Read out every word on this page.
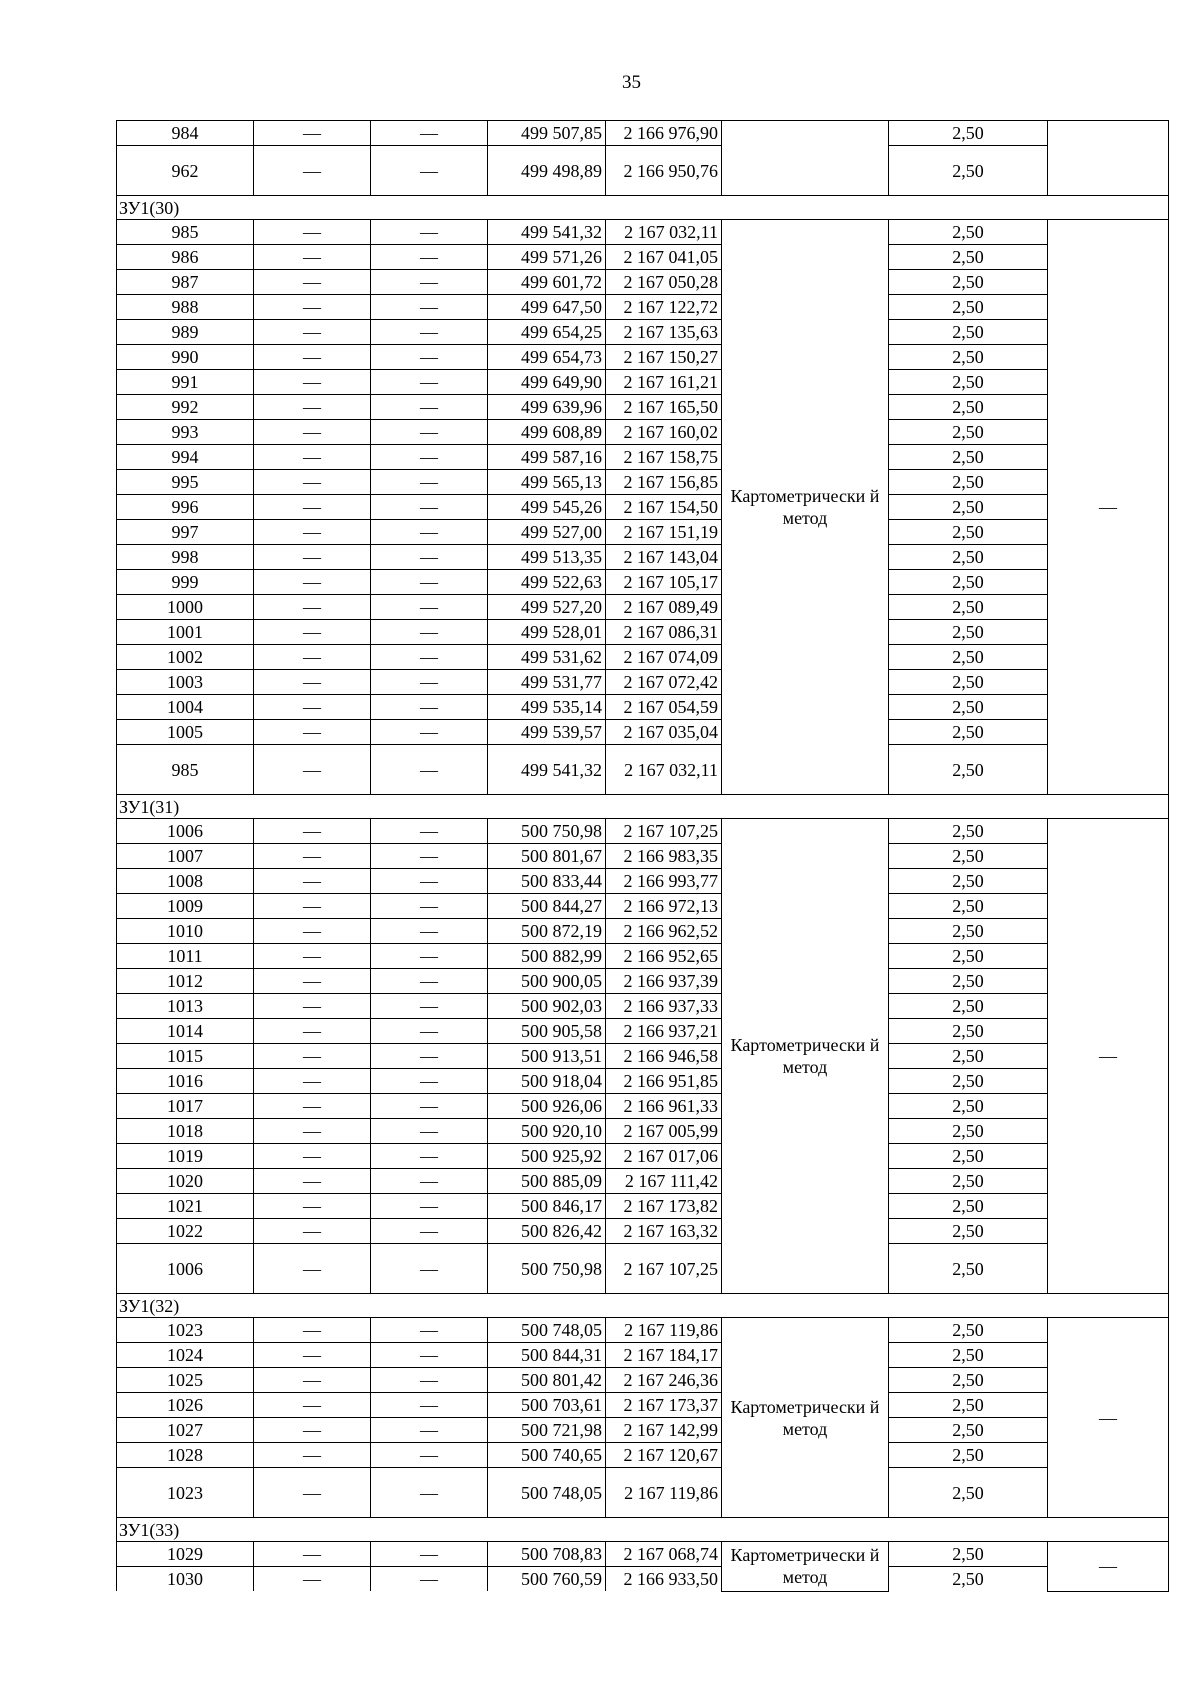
35
984	—	—	499 507,85	2 166 976,90		2,50	
962	—	—	499 498,89	2 166 950,76		2,50	
ЗУ1(30)							
985	—	—	499 541,32	2 167 032,11	Картометрически й метод	2,50	—
986	—	—	499 571,26	2 167 041,05		2,50	
987	—	—	499 601,72	2 167 050,28		2,50	
988	—	—	499 647,50	2 167 122,72		2,50	
989	—	—	499 654,25	2 167 135,63		2,50	
990	—	—	499 654,73	2 167 150,27		2,50	
991	—	—	499 649,90	2 167 161,21		2,50	
992	—	—	499 639,96	2 167 165,50		2,50	
993	—	—	499 608,89	2 167 160,02		2,50	
994	—	—	499 587,16	2 167 158,75		2,50	
995	—	—	499 565,13	2 167 156,85		2,50	
996	—	—	499 545,26	2 167 154,50		2,50	
997	—	—	499 527,00	2 167 151,19		2,50	
998	—	—	499 513,35	2 167 143,04		2,50	
999	—	—	499 522,63	2 167 105,17		2,50	
1000	—	—	499 527,20	2 167 089,49		2,50	
1001	—	—	499 528,01	2 167 086,31		2,50	
1002	—	—	499 531,62	2 167 074,09		2,50	
1003	—	—	499 531,77	2 167 072,42		2,50	
1004	—	—	499 535,14	2 167 054,59		2,50	
1005	—	—	499 539,57	2 167 035,04		2,50	
985	—	—	499 541,32	2 167 032,11		2,50	
ЗУ1(31)							
1006	—	—	500 750,98	2 167 107,25	Картометрически й метод	2,50	—
1007	—	—	500 801,67	2 166 983,35		2,50	
1008	—	—	500 833,44	2 166 993,77		2,50	
1009	—	—	500 844,27	2 166 972,13		2,50	
1010	—	—	500 872,19	2 166 962,52		2,50	
1011	—	—	500 882,99	2 166 952,65		2,50	
1012	—	—	500 900,05	2 166 937,39		2,50	
1013	—	—	500 902,03	2 166 937,33		2,50	
1014	—	—	500 905,58	2 166 937,21		2,50	
1015	—	—	500 913,51	2 166 946,58		2,50	
1016	—	—	500 918,04	2 166 951,85		2,50	
1017	—	—	500 926,06	2 166 961,33		2,50	
1018	—	—	500 920,10	2 167 005,99		2,50	
1019	—	—	500 925,92	2 167 017,06		2,50	
1020	—	—	500 885,09	2 167 111,42		2,50	
1021	—	—	500 846,17	2 167 173,82		2,50	
1022	—	—	500 826,42	2 167 163,32		2,50	
1006	—	—	500 750,98	2 167 107,25		2,50	
ЗУ1(32)							
1023	—	—	500 748,05	2 167 119,86	Картометрически й метод	2,50	—
1024	—	—	500 844,31	2 167 184,17		2,50	
1025	—	—	500 801,42	2 167 246,36		2,50	
1026	—	—	500 703,61	2 167 173,37		2,50	
1027	—	—	500 721,98	2 167 142,99		2,50	
1028	—	—	500 740,65	2 167 120,67		2,50	
1023	—	—	500 748,05	2 167 119,86		2,50	
ЗУ1(33)							
1029	—	—	500 708,83	2 167 068,74	Картометрически й метод	2,50	—
1030	—	—	500 760,59	2 166 933,50		2,50	
